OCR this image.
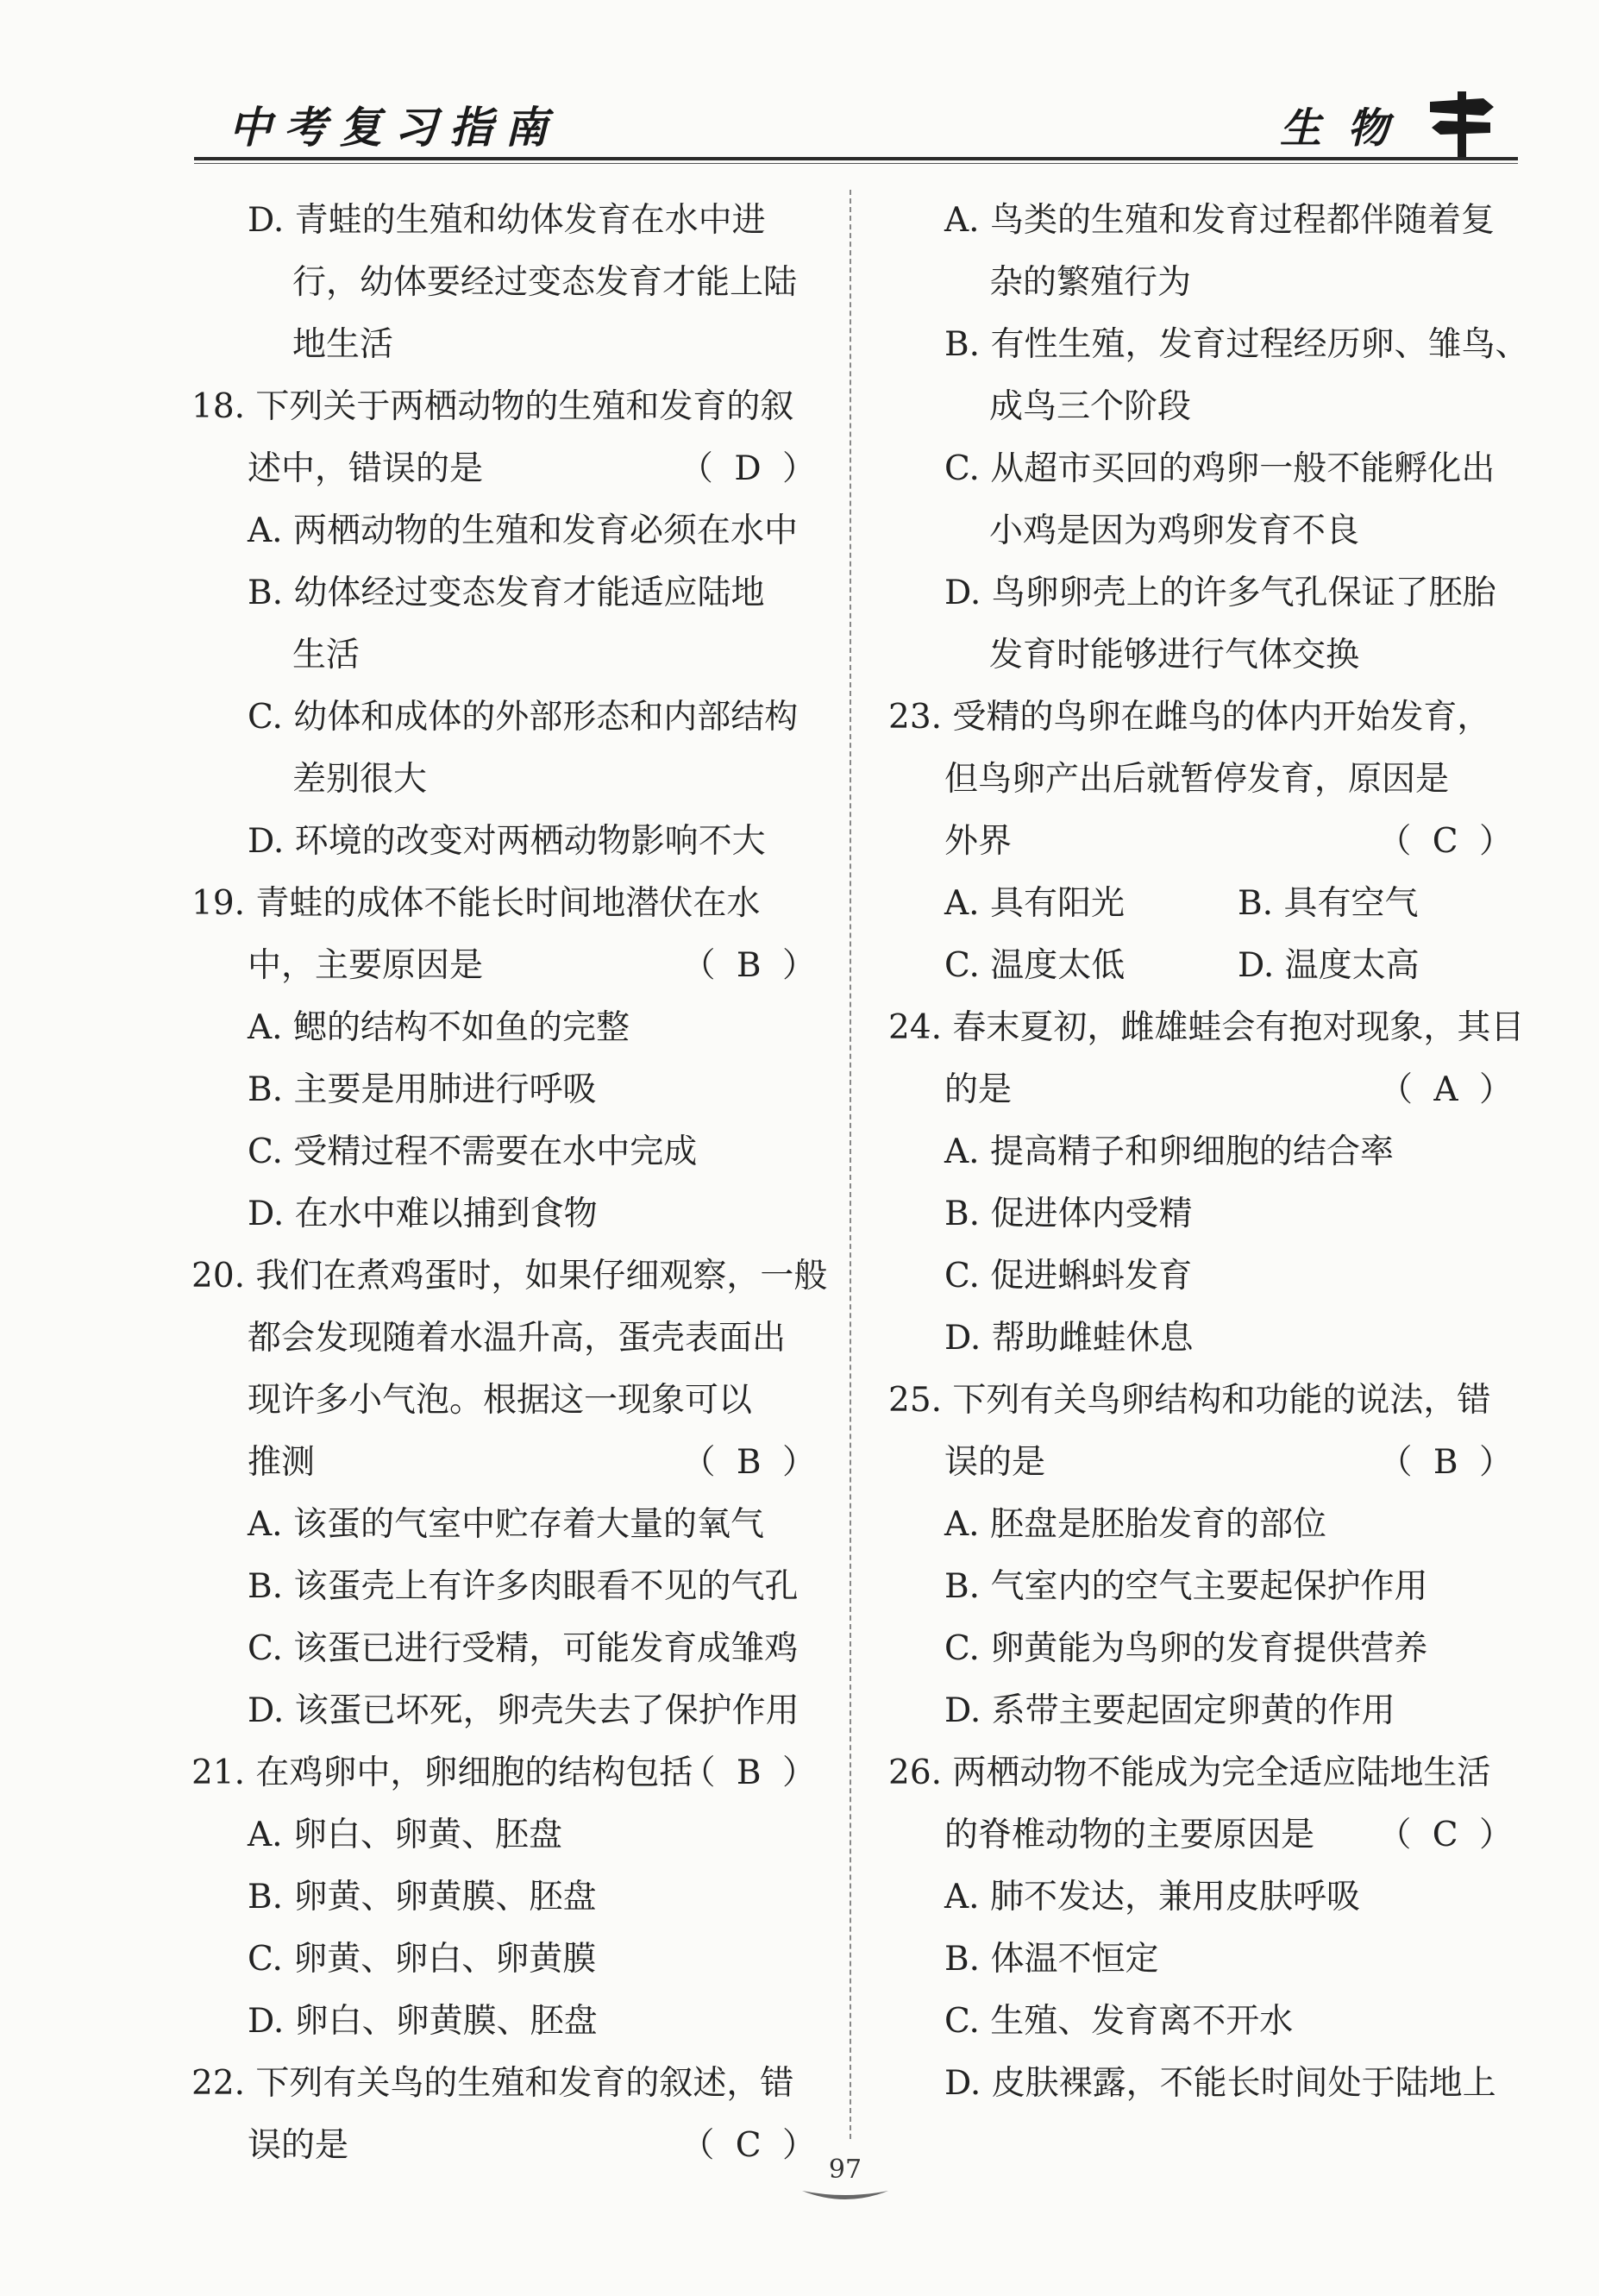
中考复习指南	生物
D. 青蛙的生殖和幼体发育在水中进
行，幼体要经过变态发育才能上陆
地生活
18. 下列关于两栖动物的生殖和发育的叙
述中，错误的是	（ D ）
A. 两栖动物的生殖和发育必须在水中
B. 幼体经过变态发育才能适应陆地
生活
C. 幼体和成体的外部形态和内部结构
差别很大
D. 环境的改变对两栖动物影响不大
19. 青蛙的成体不能长时间地潜伏在水
中，主要原因是	（ B ）
A. 鳃的结构不如鱼的完整
B. 主要是用肺进行呼吸
C. 受精过程不需要在水中完成
D. 在水中难以捕到食物
20. 我们在煮鸡蛋时，如果仔细观察，一般
都会发现随着水温升高，蛋壳表面出
现许多小气泡。根据这一现象可以
推测	（ B ）
A. 该蛋的气室中贮存着大量的氧气
B. 该蛋壳上有许多肉眼看不见的气孔
C. 该蛋已进行受精，可能发育成雏鸡
D. 该蛋已坏死，卵壳失去了保护作用
21. 在鸡卵中，卵细胞的结构包括
（ B ）
A. 卵白、卵黄、胚盘
B. 卵黄、卵黄膜、胚盘
C. 卵黄、卵白、卵黄膜
D. 卵白、卵黄膜、胚盘
22. 下列有关鸟的生殖和发育的叙述，错
误的是	（ C ）
A. 鸟类的生殖和发育过程都伴随着复
杂的繁殖行为
B. 有性生殖，发育过程经历卵、雏鸟、
成鸟三个阶段
C. 从超市买回的鸡卵一般不能孵化出
小鸡是因为鸡卵发育不良
D. 鸟卵卵壳上的许多气孔保证了胚胎
发育时能够进行气体交换
23. 受精的鸟卵在雌鸟的体内开始发育，
但鸟卵产出后就暂停发育，原因是
外界	（ C ）
A. 具有阳光	B. 具有空气
C. 温度太低	D. 温度太高
24. 春末夏初，雌雄蛙会有抱对现象，其目
的是	（ A ）
A. 提高精子和卵细胞的结合率
B. 促进体内受精
C. 促进蝌蚪发育
D. 帮助雌蛙休息
25. 下列有关鸟卵结构和功能的说法，错
误的是	（ B ）
A. 胚盘是胚胎发育的部位
B. 气室内的空气主要起保护作用
C. 卵黄能为鸟卵的发育提供营养
D. 系带主要起固定卵黄的作用
26. 两栖动物不能成为完全适应陆地生活
的脊椎动物的主要原因是 （ C ）
A. 肺不发达，兼用皮肤呼吸
B. 体温不恒定
C. 生殖、发育离不开水
D. 皮肤裸露，不能长时间处于陆地上
97
